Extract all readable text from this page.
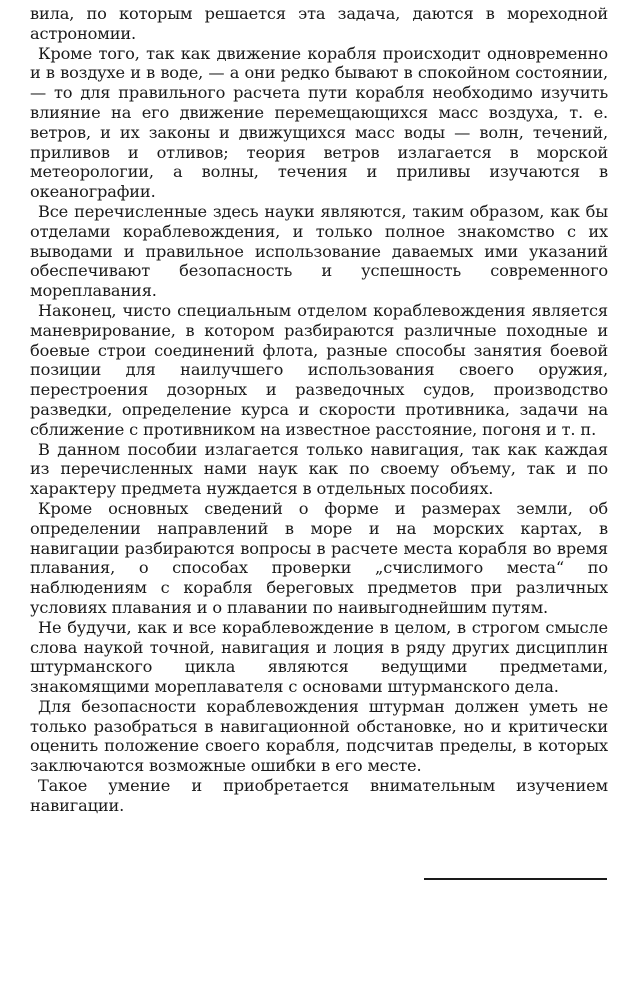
вила, по которым решается эта задача, даются в мореходной астрономии.

Кроме того, так как движение корабля происходит одновременно и в воздухе и в воде, — а они редко бывают в спокойном состоянии, — то для правильного расчета пути корабля необходимо изучить влияние на его движение перемещающихся масс воздуха, т. е. ветров, и их законы и движущихся масс воды — волн, течений, приливов и отливов; теория ветров излагается в морской метеорологии, а волны, течения и приливы изучаются в океанографии.

Все перечисленные здесь науки являются, таким образом, как бы отделами кораблевождения, и только полное знакомство с их выводами и правильное использование даваемых ими указаний обеспечивают безопасность и успешность современного мореплавания.

Наконец, чисто специальным отделом кораблевождения является маневрирование, в котором разбираются различные походные и боевые строи соединений флота, разные способы занятия боевой позиции для наилучшего использования своего оружия, перестроения дозорных и разведочных судов, производство разведки, определение курса и скорости противника, задачи на сближение с противником на известное расстояние, погоня и т. п.

В данном пособии излагается только навигация, так как каждая из перечисленных нами наук как по своему объему, так и по характеру предмета нуждается в отдельных пособиях.

Кроме основных сведений о форме и размерах земли, об определении направлений в море и на морских картах, в навигации разбираются вопросы в расчете места корабля во время плавания, о способах проверки „счислимого места“ по наблюдениям с корабля береговых предметов при различных условиях плавания и о плавании по наивыгоднейшим путям.

Не будучи, как и все кораблевождение в целом, в строгом смысле слова наукой точной, навигация и лоция в ряду других дисциплин штурманского цикла являются ведущими предметами, знакомящими мореплавателя с основами штурманского дела.

Для безопасности кораблевождения штурман должен уметь не только разобраться в навигационной обстановке, но и критически оценить положение своего корабля, подсчитав пределы, в которых заключаются возможные ошибки в его месте.

Такое умение и приобретается внимательным изучением навигации.
